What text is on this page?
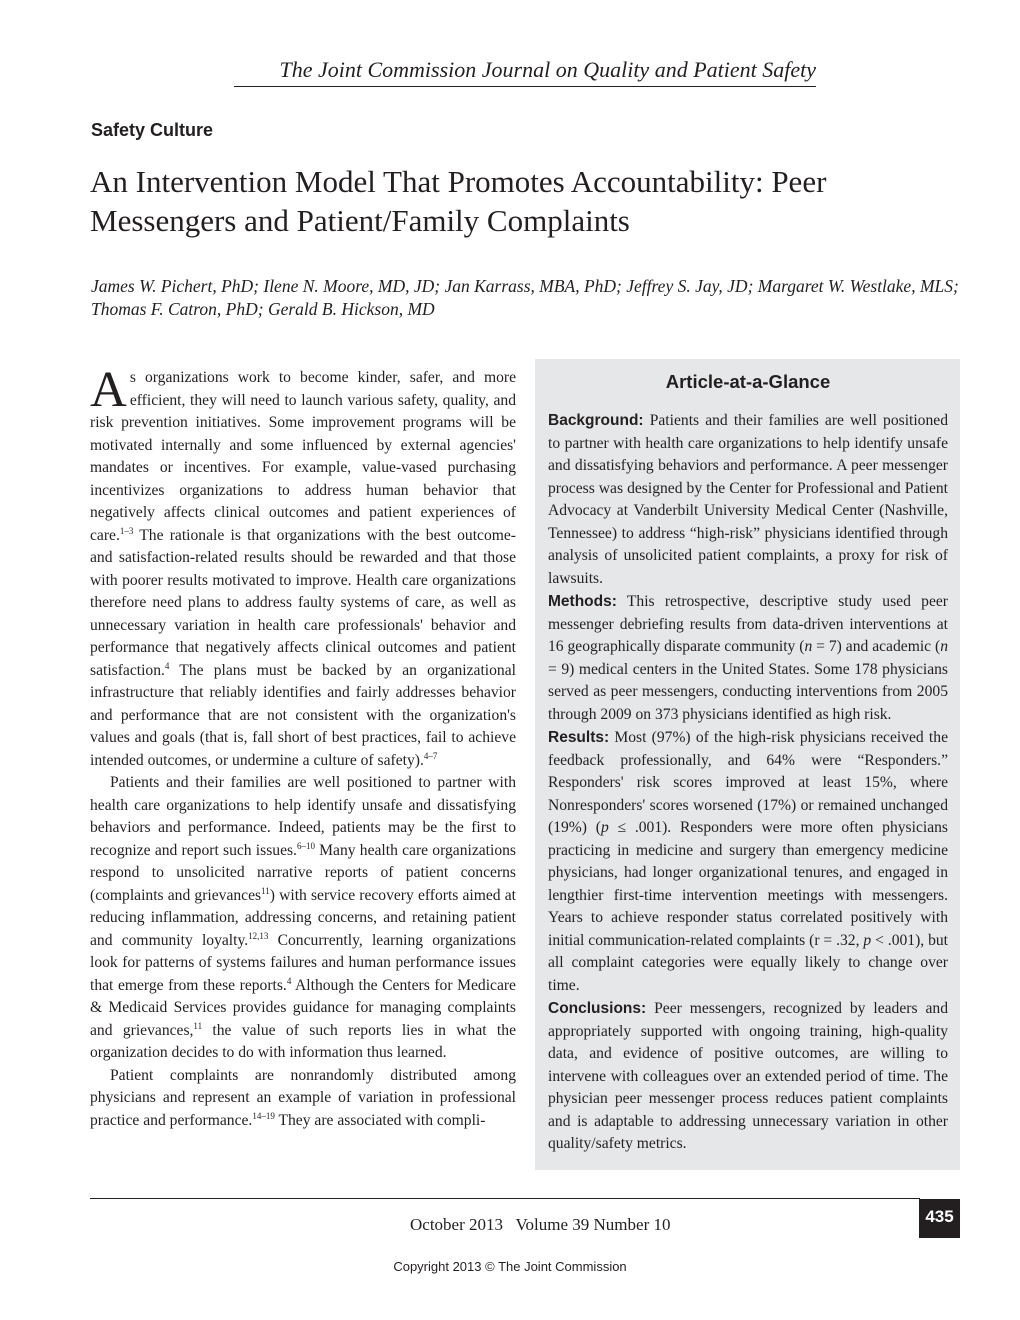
The Joint Commission Journal on Quality and Patient Safety
Safety Culture
An Intervention Model That Promotes Accountability: Peer Messengers and Patient/Family Complaints
James W. Pichert, PhD; Ilene N. Moore, MD, JD; Jan Karrass, MBA, PhD; Jeffrey S. Jay, JD; Margaret W. Westlake, MLS;
Thomas F. Catron, PhD; Gerald B. Hickson, MD

As organizations work to become kinder, safer, and more efficient, they will need to launch various safety, quality, and risk prevention initiatives. Some improvement programs will be motivated internally and some influenced by external agencies' mandates or incentives. For example, value-vased purchasing incentivizes organizations to address human behavior that negatively affects clinical outcomes and patient experiences of care.$^{1-3}$ The rationale is that organizations with the best outcome- and satisfaction-related results should be rewarded and that those with poorer results motivated to improve. Health care organizations therefore need plans to address faulty systems of care, as well as unnecessary variation in health care professionals' behavior and performance that negatively affects clinical outcomes and patient satisfaction.$^4$ The plans must be backed by an organizational infrastructure that reliably identifies and fairly addresses behavior and performance that are not consistent with the organization's values and goals (that is, fall short of best practices, fail to achieve intended outcomes, or undermine a culture of safety).$^{4-7}$

Patients and their families are well positioned to partner with health care organizations to help identify unsafe and dissatisfying behaviors and performance. Indeed, patients may be the first to recognize and report such issues.$^{6-10}$ Many health care organizations respond to unsolicited narrative reports of patient concerns (complaints and grievances$^{11}$) with service recovery efforts aimed at reducing inflammation, addressing concerns, and retaining patient and community loyalty.$^{12,13}$ Concurrently, learning organizations look for patterns of systems failures and human performance issues that emerge from these reports.$^4$ Although the Centers for Medicare & Medicaid Services provides guidance for managing complaints and grievances,$^{11}$ the value of such reports lies in what the organization decides to do with information thus learned.

Patient complaints are nonrandomly distributed among physicians and represent an example of variation in professional practice and performance.$^{14-19}$ They are associated with compli-

Article-at-a-Glance

Background: Patients and their families are well positioned to partner with health care organizations to help identify unsafe and dissatisfying behaviors and performance. A peer messenger process was designed by the Center for Professional and Patient Advocacy at Vanderbilt University Medical Center (Nashville, Tennessee) to address “high-risk” physicians identified through analysis of unsolicited patient complaints, a proxy for risk of lawsuits.

Methods: This retrospective, descriptive study used peer messenger debriefing results from data-driven interventions at 16 geographically disparate community (n = 7) and academic (n = 9) medical centers in the United States. Some 178 physicians served as peer messengers, conducting interventions from 2005 through 2009 on 373 physicians identified as high risk.

Results: Most (97%) of the high-risk physicians received the feedback professionally, and 64% were “Responders.” Responders' risk scores improved at least 15%, where Nonresponders' scores worsened (17%) or remained unchanged (19%) (p ≤ .001). Responders were more often physicians practicing in medicine and surgery than emergency medicine physicians, had longer organizational tenures, and engaged in lengthier first-time intervention meetings with messengers. Years to achieve responder status correlated positively with initial communication-related complaints (r = .32, p < .001), but all complaint categories were equally likely to change over time.

Conclusions: Peer messengers, recognized by leaders and appropriately supported with ongoing training, high-quality data, and evidence of positive outcomes, are willing to intervene with colleagues over an extended period of time. The physician peer messenger process reduces patient complaints and is adaptable to addressing unnecessary variation in other quality/safety metrics.

October 2013   Volume 39 Number 10	435
Copyright 2013 © The Joint Commission
